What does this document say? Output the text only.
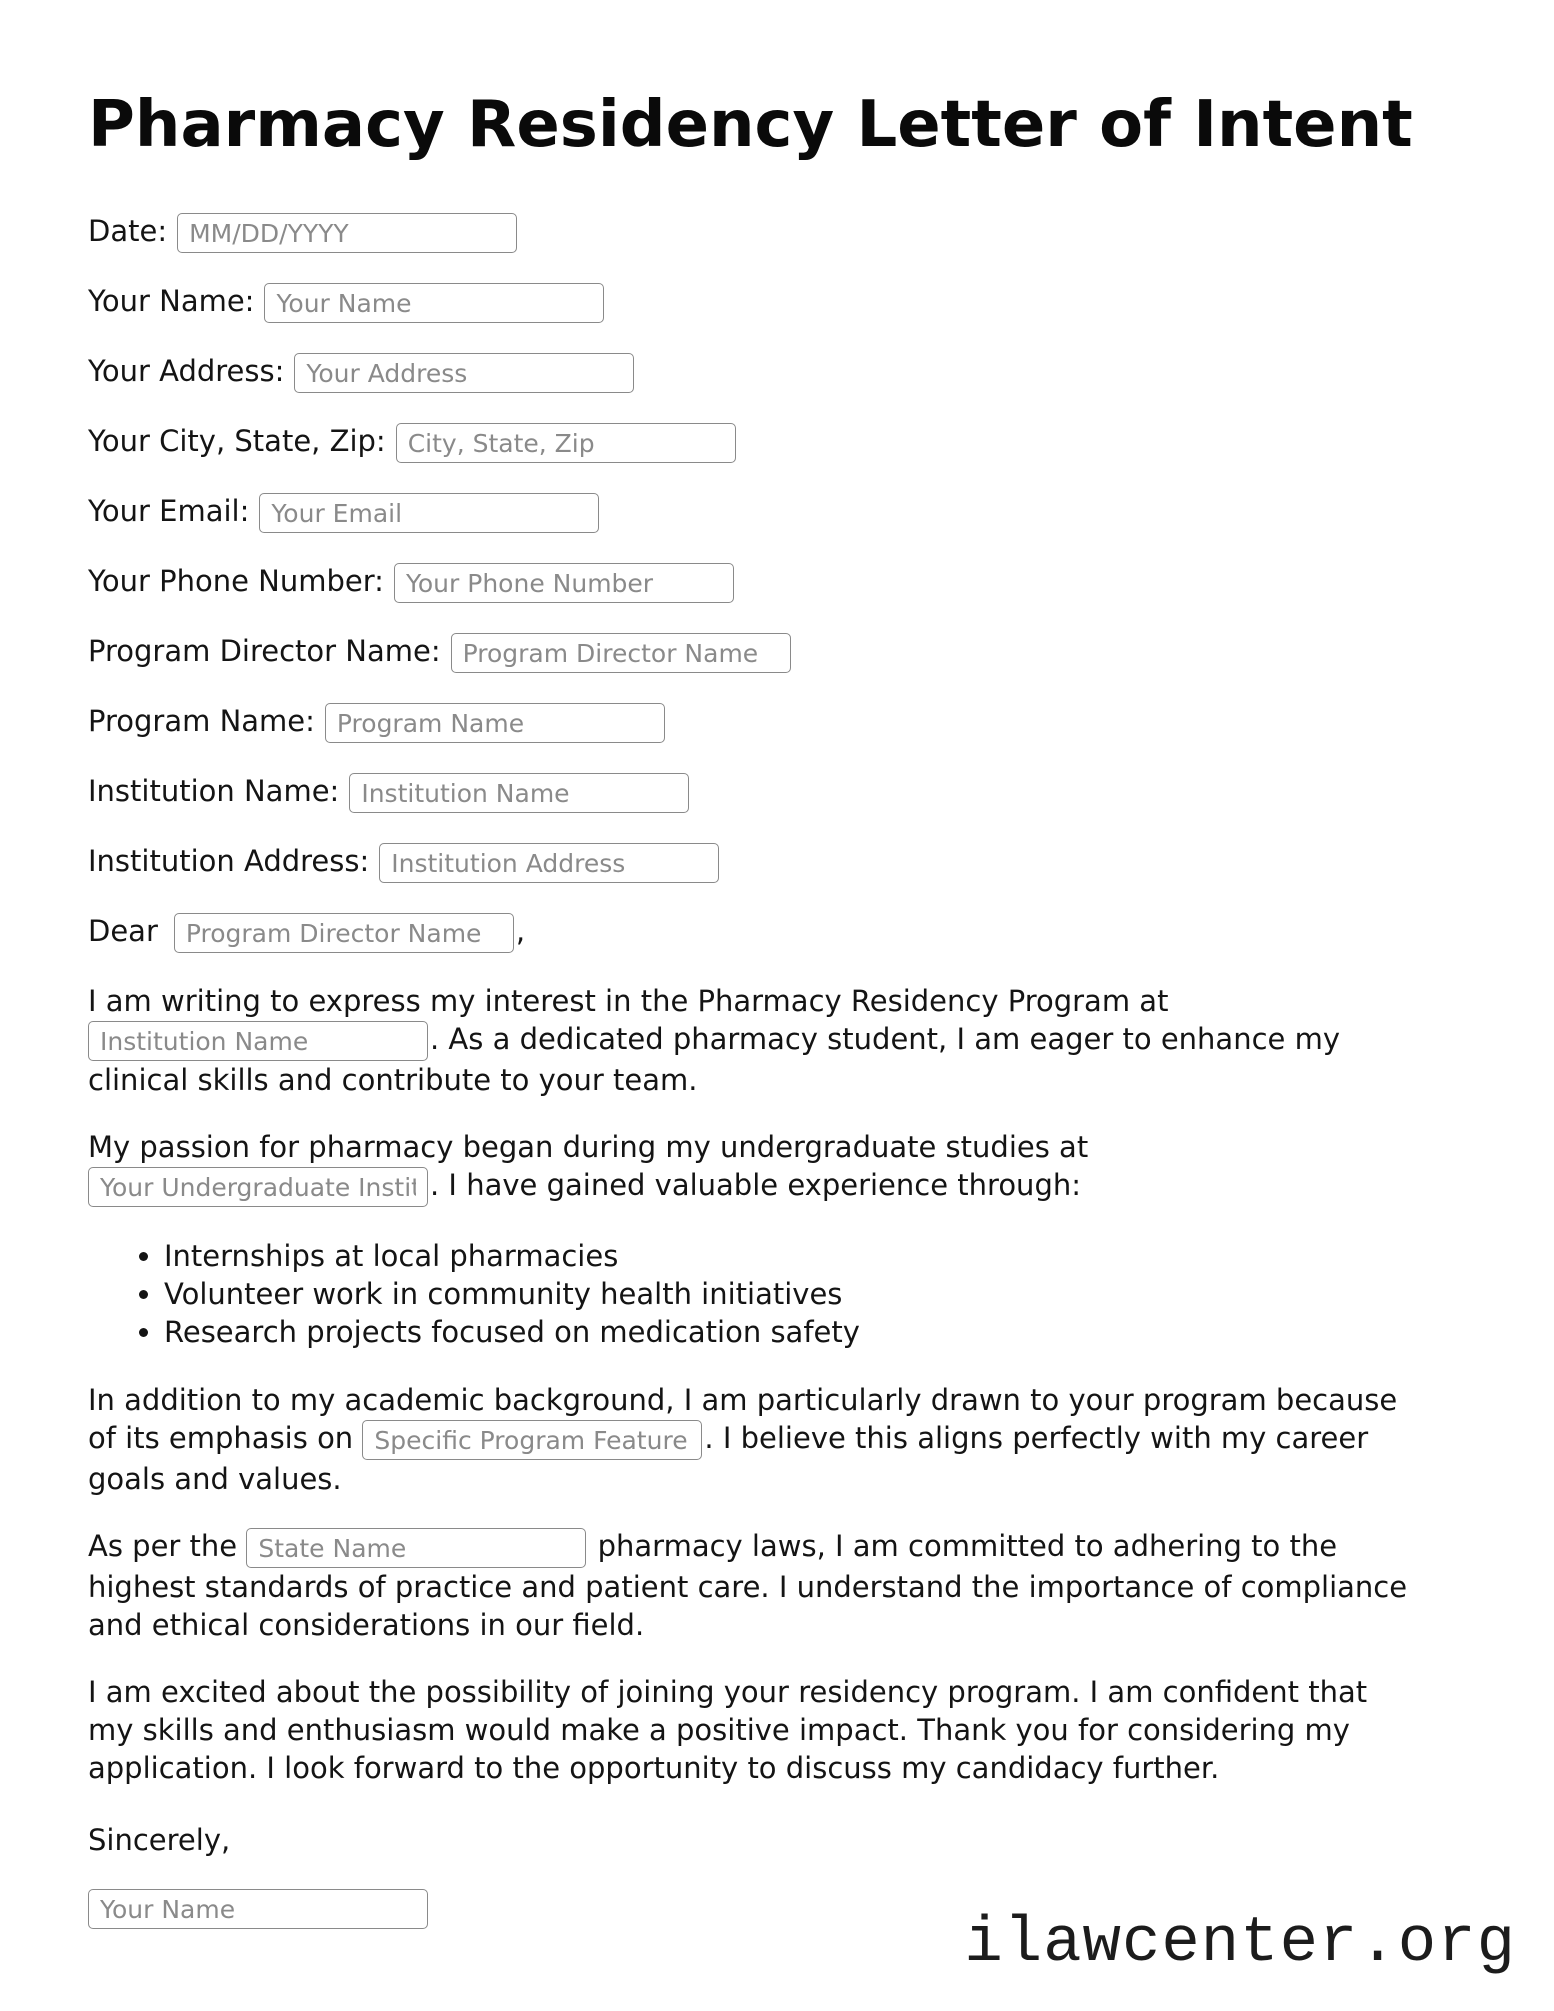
Pharmacy Residency Letter of Intent

Date:MM/DD/YYYY

Your Name:Your Name

Your Address:Your Address

Your City, State, Zip:City, State, Zip

Your Email:Your Email

Your Phone Number:Your Phone Number

Program Director Name:Program Director Name

Program Name:Program Name

Institution Name:Institution Name

Institution Address:Institution Address

DearProgram Director Name	,

I am writing to express my interest in the Pharmacy Residency Program at Institution Name. As a dedicated pharmacy student, I am eager to enhance my clinical skills and contribute to your team.

My passion for pharmacy began during my undergraduate studies at Your Undergraduate Institution. I have gained valuable experience through:

• Internships at local pharmacies
• Volunteer work in community health initiatives
• Research projects focused on medication safety

In addition to my academic background, I am particularly drawn to your program because of its emphasis on Specific Program Feature	. I believe this aligns perfectly with my career goals and values.

As per the State Name	pharmacy laws, I am committed to adhering to the highest standards of practice and patient care. I understand the importance of compliance and ethical considerations in our field.

I am excited about the possibility of joining your residency program. I am confident that my skills and enthusiasm would make a positive impact. Thank you for considering my application. I look forward to the opportunity to discuss my candidacy further.

Sincerely,

Your Name

ilawcenter.org
